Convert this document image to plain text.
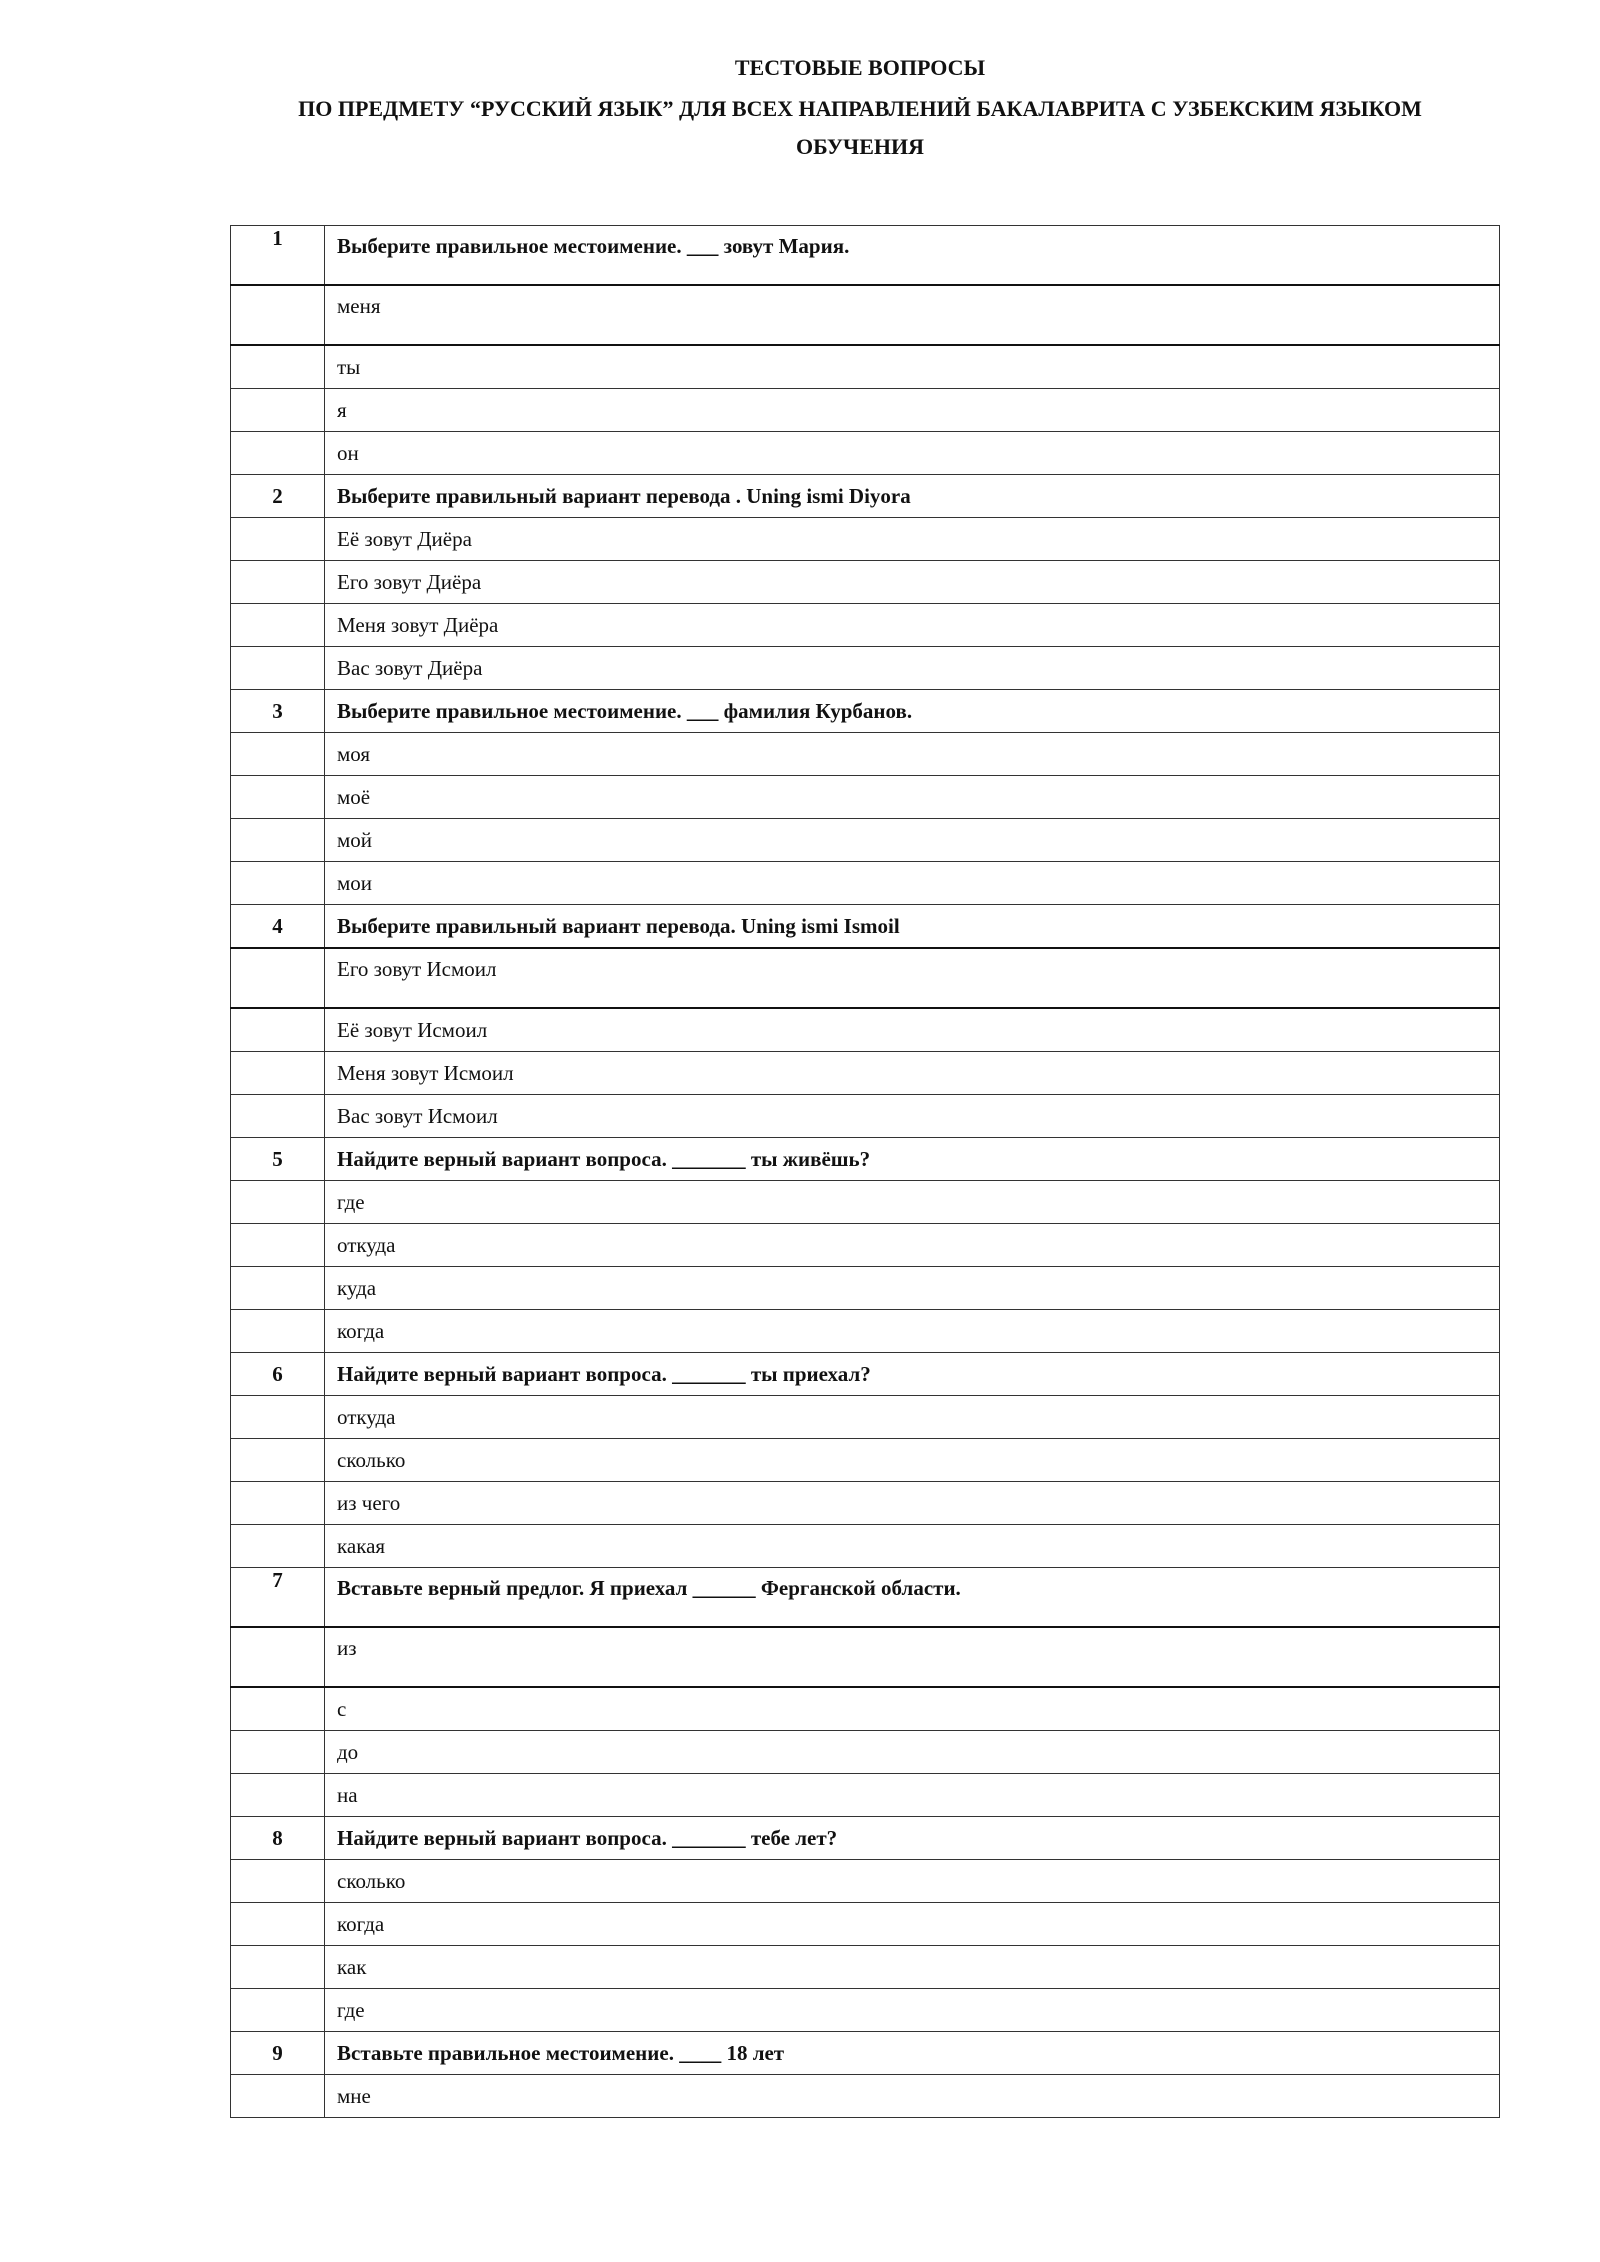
ТЕСТОВЫЕ ВОПРОСЫ
ПО ПРЕДМЕТУ “РУССКИЙ ЯЗЫК” ДЛЯ ВСЕХ НАПРАВЛЕНИЙ БАКАЛАВРИТА С УЗБЕКСКИМ ЯЗЫКОМ
ОБУЧЕНИЯ
1	Выберите правильное местоимение. ___ зовут Мария.
	меня
	ты
	я
	он
2	Выберите правильный вариант перевода . Uning ismi Diyora
	Её зовут Диёра
	Его зовут Диёра
	Меня зовут Диёра
	Вас зовут Диёра
3	Выберите правильное местоимение. ___ фамилия Курбанов.
	моя
	моё
	мой
	мои
4	Выберите правильный вариант перевода. Uning ismi Ismoil
	Его зовут Исмоил
	Её зовут Исмоил
	Меня зовут Исмоил
	Вас зовут Исмоил
5	Найдите верный вариант вопроса. _______ ты живёшь?
	где
	откуда
	куда
	когда
6	Найдите верный вариант вопроса. _______ ты приехал?
	откуда
	сколько
	из чего
	какая
7	Вставьте верный предлог. Я приехал ______ Ферганской области.
	из
	с
	до
	на
8	Найдите верный вариант вопроса. _______ тебе лет?
	сколько
	когда
	как
	где
9	Вставьте правильное местоимение. ____ 18 лет
	мне
